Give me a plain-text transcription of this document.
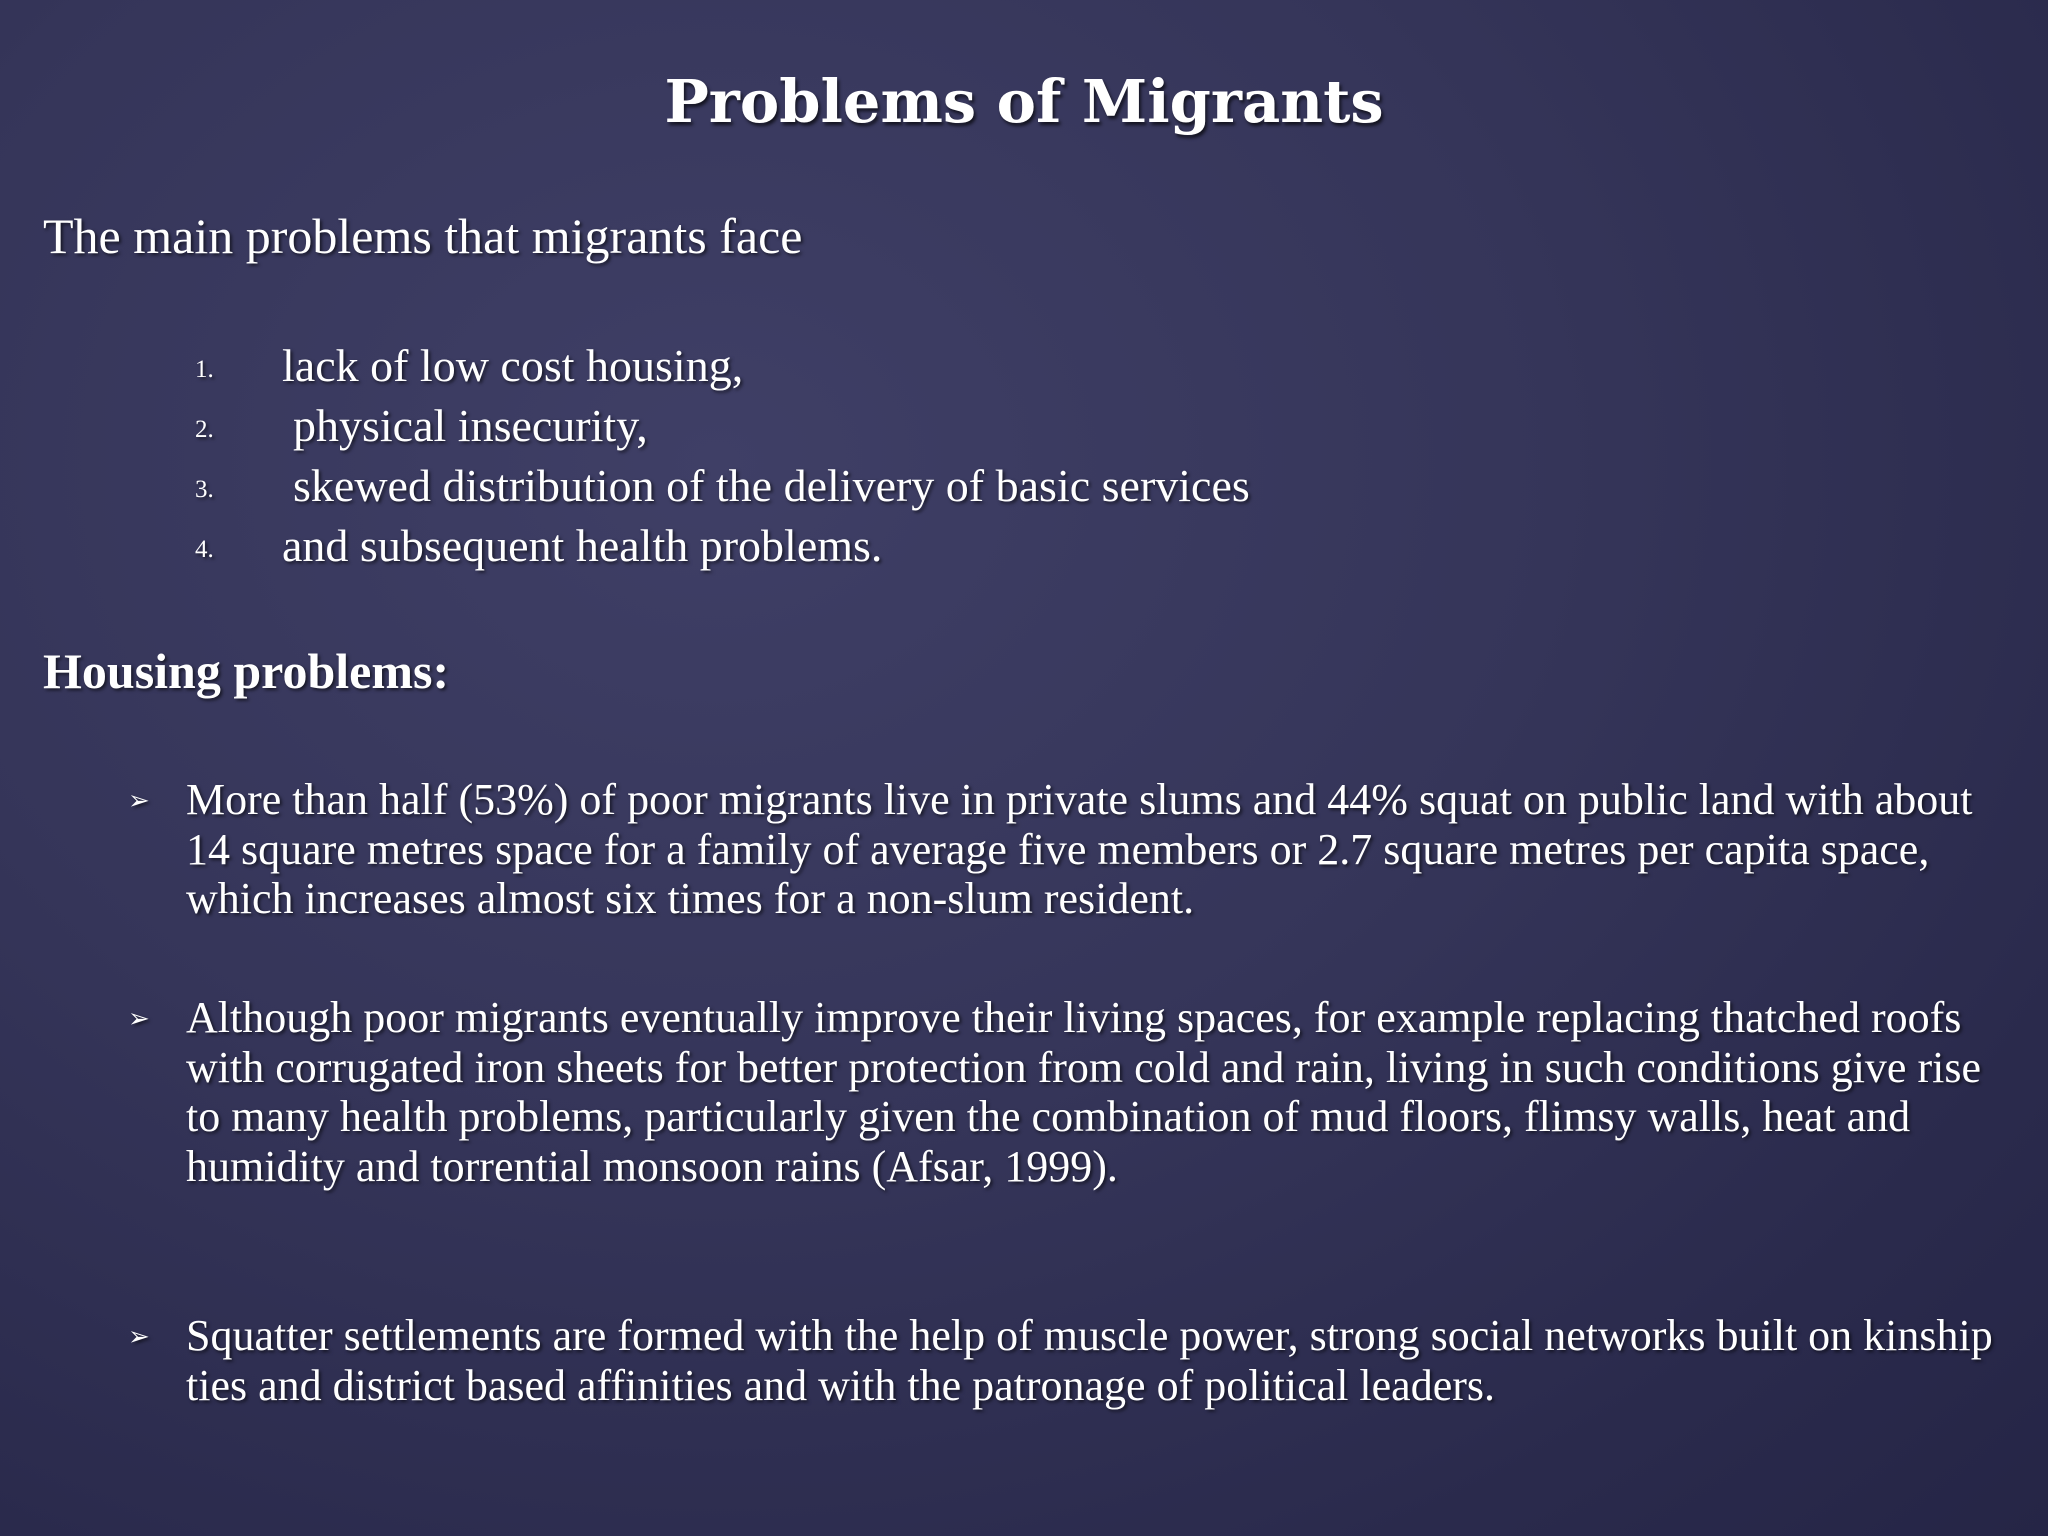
Problems of Migrants

The main problems that migrants face

1. lack of low cost housing,
2. physical insecurity,
3. skewed distribution of the delivery of basic services
4. and subsequent health problems.
Housing problems:
➢ More than half (53%) of poor migrants live in private slums and 44% squat on public land with about 14 square metres space for a family of average five members or 2.7 square metres per capita space, which increases almost six times for a non-slum resident.
➢ Although poor migrants eventually improve their living spaces, for example replacing thatched roofs with corrugated iron sheets for better protection from cold and rain, living in such conditions give rise to many health problems, particularly given the combination of mud floors, flimsy walls, heat and humidity and torrential monsoon rains (Afsar, 1999).
➢ Squatter settlements are formed with the help of muscle power, strong social networks built on kinship ties and district based affinities and with the patronage of political leaders.
